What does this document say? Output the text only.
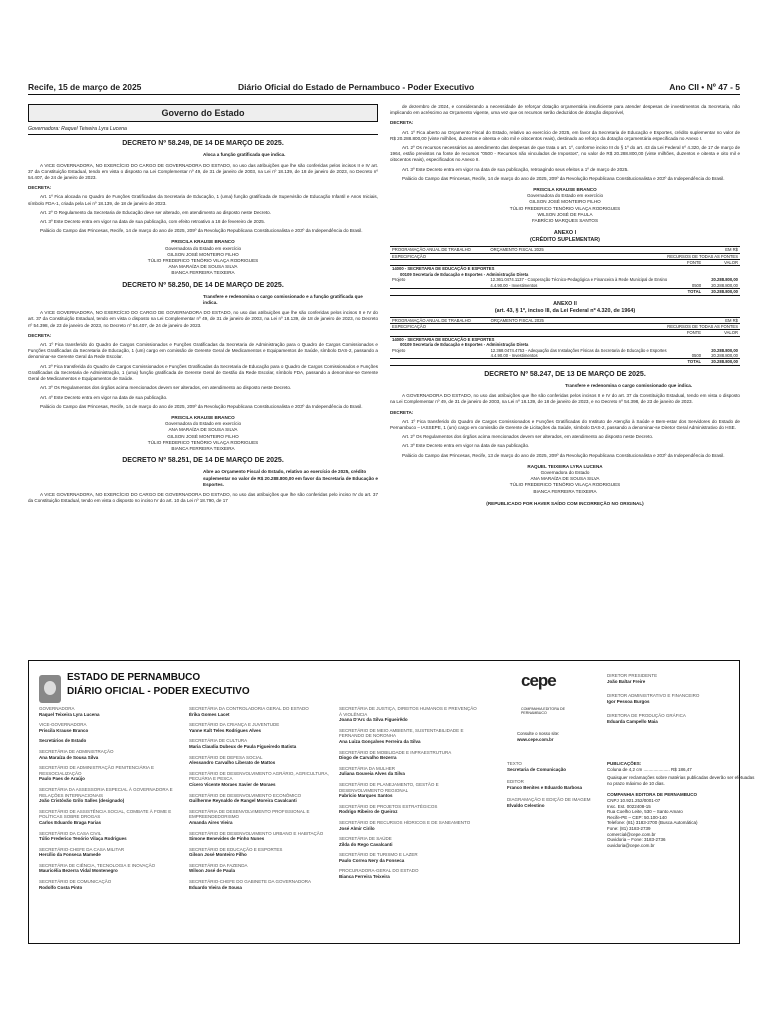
Recife, 15 de março de 2025	Diário Oficial do Estado de Pernambuco - Poder Executivo	Ano CII • Nº 47 - 5
Governo do Estado
Governadora: Raquel Teixeira Lyra Lucena
DECRETO Nº 58.249, DE 14 DE MARÇO DE 2025.
Aloca a função gratificada que indica.

A VICE GOVERNADORA, NO EXERCÍCIO DO CARGO DE GOVERNADORA DO ESTADO, no uso das atribuições que lhe são conferidas pelos incisos II e IV art. 37 da Constituição Estadual, tendo em vista o disposto na Lei Complementar nº 49, de 31 de janeiro de 2003, na Lei nº 18.139, de 18 de janeiro de 2023, no Decreto nº 54.407, de 24 de janeiro de 2023.

DECRETA:

Art. 1º Fica alocada no Quadro de Funções Gratificadas da Secretaria de Educação, 1 (uma) função gratificada de Supervisão de Educação Infantil e Anos Iniciais, símbolo FDA-1, criada pela Lei nº 18.139, de 18 de janeiro de 2023.

Art. 2º O Regulamento da Secretaria de Educação deve ser alterado, em atendimento ao disposto neste Decreto.

Art. 3º Este Decreto entra em vigor na data de sua publicação, com efeito retroativo a 18 de fevereiro de 2025.

Palácio do Campo das Princesas, Recife, 14 de março do ano de 2025, 209º da Revolução Republicana Constitucionalista e 203º da Independência do Brasil.

PRISCILA KRAUSE BRANCO
Governadora do Estado em exercício
GILSON JOSÉ MONTEIRO FILHO
TÚLIO FREDERICO TENÓRIO VILAÇA RODRIGUES
ANA MARAÍZA DE SOUSA SILVA
BIANCA FERREIRA TEIXEIRA
DECRETO Nº 58.250, DE 14 DE MARÇO DE 2025.
Transfere e redenomina o cargo comissionado e a função gratificada que indica.

A VICE GOVERNADORA, NO EXERCÍCIO DO CARGO DE GOVERNADORA DO ESTADO, no uso das atribuições que lhe são conferidas pelos incisos II e IV do art. 37 da Constituição Estadual, tendo em vista o disposto na Lei Complementar nº 49, de 31 de janeiro de 2003, na Lei nº 18.139, de 18 de janeiro de 2023, no Decreto nº 54.398, de 23 de janeiro de 2023, no Decreto nº 54.407, de 24 de janeiro de 2023.

DECRETA:

Art. 1º Fica transferido do Quadro de Cargos Comissionados e Funções Gratificadas da Secretaria de Administração para o Quadro de Cargos Comissionados e Funções Gratificadas da Secretaria de Educação, 1 (um) cargo em comissão de Gerente Geral de Medicamentos e Equipamentos de Saúde, símbolo DAS-2, passando a denominar-se Gerente Geral da Rede Escolar.

Art. 2º Fica transferida do Quadro de Cargos Comissionados e Funções Gratificadas da Secretaria de Educação para o Quadro de Cargos Comissionados e Funções Gratificadas da Secretaria de Administração, 1 (uma) função gratificada de Gerente Geral de Gestão da Rede Escolar, símbolo FDA, passando a denominar-se Gerente Geral de Medicamentos e Equipamentos de Saúde.

Art. 3º Os Regulamentos dos órgãos acima mencionados devem ser alterados, em atendimento ao disposto neste Decreto.

Art. 4º Este Decreto entra em vigor na data de sua publicação.

Palácio do Campo das Princesas, Recife, 14 de março do ano de 2025, 209º da Revolução Republicana Constitucionalista e 203º da Independência do Brasil.

PRISCILA KRAUSE BRANCO
Governadora do Estado em exercício
ANA MARAÍZA DE SOUSA SILVA
GILSON JOSÉ MONTEIRO FILHO
TÚLIO FREDERICO TENÓRIO VILAÇA RODRIGUES
BIANCA FERREIRA TEIXEIRA
DECRETO Nº 58.251, DE 14 DE MARÇO DE 2025.
Abre ao Orçamento Fiscal do Estado, relativo ao exercício de 2025, crédito suplementar no valor de R$ 20.288.800,00 em favor da Secretaria de Educação e Esportes.

A VICE GOVERNADORA, NO EXERCÍCIO DO CARGO DE GOVERNADORA DO ESTADO, no uso das atribuições que lhe são conferidas pelo inciso IV do art. 37 da Constituição Estadual, tendo em vista o disposto no inciso IV do art. 10 da Lei nº 18.790, de 17

de dezembro de 2024, e considerando a necessidade de reforçar dotação orçamentária insuficiente para atender despesas de investimentos da Secretaria, não implicando em acréscimo ao Orçamento vigente, uma vez que os recursos serão deduzidos de dotação disponível,

DECRETA:

Art. 1º Fica aberto ao Orçamento Fiscal do Estado, relativo ao exercício de 2025, em favor da Secretaria de Educação e Esportes, crédito suplementar no valor de R$ 20.288.800,00 (vinte milhões, duzentos e oitenta e oito mil e oitocentos reais), destinado ao reforço da dotação orçamentária especificada no Anexo I.

Art. 2º Os recursos necessários ao atendimento das despesas de que trata o art. 1º, conforme inciso III do § 1º do art. 43 da Lei Federal nº 4.320, de 17 de março de 1964, estão previstos na fonte de recursos "0500 - Recursos não vinculados de Impostos", no valor de R$ 20.288.800,00 (vinte milhões, duzentos e oitenta e oito mil e oitocentos reais), especificados no Anexo II.

Art. 3º Este Decreto entra em vigor na data de sua publicação, retroagindo seus efeitos a 1º de março de 2025.

Palácio do Campo das Princesas, Recife, 14 de março do ano de 2025, 209º da Revolução Republicana Constitucionalista e 203º da Independência do Brasil.

PRISCILA KRAUSE BRANCO
Governadora do Estado em exercício
GILSON JOSÉ MONTEIRO FILHO
TÚLIO FREDERICO TENÓRIO VILAÇA RODRIGUES
WILSON JOSÉ DE PAULA
FABRÍCIO MARQUES SANTOS
ANEXO I
(CRÉDITO SUPLEMENTAR)
PROGRAMAÇÃO ANUAL DE TRABALHO	ORÇAMENTO FISCAL 2025		EM R$
ESPECIFICAÇÃO		RECURSOS DE TODAS AS FONTES	
		FONTE	VALOR
14000 - SECRETARIA DE EDUCAÇÃO E ESPORTES			
00109 Secretaria de Educação e Esportes - Administração Direta			
Projeto	12.361.0474.1137 - Cooperação Técnico-Pedagógica e Financeira à Rede Municipal de Ensino		20.288.800,00
	4.4.90.00 - Investimentos	0500	20.288.800,00
		TOTAL	20.288.800,00
ANEXO II
(art. 43, § 1º, inciso III, da Lei Federal nº 4.320, de 1964)
PROGRAMAÇÃO ANUAL DE TRABALHO	ORÇAMENTO FISCAL 2025		EM R$
ESPECIFICAÇÃO		RECURSOS DE TODAS AS FONTES	
		FONTE	VALOR
14000 - SECRETARIA DE EDUCAÇÃO E ESPORTES			
00109 Secretaria de Educação e Esportes - Administração Direta			
Projeto	12.368.0474.4753 - Adequação das Instalações Físicas da Secretaria de Educação e Esportes		20.288.800,00
	4.4.90.00 - Investimentos	0500	20.288.800,00
		TOTAL	20.288.800,00
DECRETO Nº 58.247, DE 13 DE MARÇO DE 2025.
Transfere e redenomina o cargo comissionado que indica.

A GOVERNADORA DO ESTADO, no uso das atribuições que lhe são conferidas pelos incisos II e IV do art. 37 da Constituição Estadual, tendo em vista o disposto na Lei Complementar nº 49, de 31 de janeiro de 2003, na Lei nº 18.139, de 18 de janeiro de 2023, e no Decreto nº 54.398, de 23 de janeiro de 2023.

DECRETA:

Art. 1º Fica transferido do Quadro de Cargos Comissionados e Funções Gratificadas do Instituto de Atenção à Saúde e Bem-estar dos Servidores do Estado de Pernambuco – IASSEPE, 1 (um) cargo em comissão de Gerente de Licitações da Saúde, símbolo DAS-2, passando a denominar-se Diretor Geral Administrativo do HSE.

Art. 2º Os Regulamentos dos órgãos acima mencionados devem ser alterados, em atendimento ao disposto neste Decreto.

Art. 3º Este Decreto entra em vigor na data de sua publicação.

Palácio do Campo das Princesas, Recife, 13 de março do ano de 2025, 209º da Revolução Republicana Constitucionalista e 203º da Independência do Brasil.

RAQUEL TEIXEIRA LYRA LUCENA
Governadora do Estado
ANA MARAÍZA DE SOUSA SILVA
TÚLIO FREDERICO TENÓRIO VILAÇA RODRIGUES
BIANCA FERREIRA TEIXEIRA
(REPUBLICADO POR HAVER SAÍDO COM INCORREÇÃO NO ORIGINAL)
ESTADO DE PERNAMBUCO
DIÁRIO OFICIAL - PODER EXECUTIVO
GOVERNADORA
Raquel Teixeira Lyra Lucena
VICE-GOVERNADORA
Priscila Krause Branco
Secretários de Estado
SECRETÁRIA DE ADMINISTRAÇÃO
Ana Maraíza de Sousa Silva
SECRETÁRIO DE ADMINISTRAÇÃO PENITENCIÁRIA E RESSOCIALIZAÇÃO
Paulo Paes de Araújo
SECRETÁRIA DA ASSESSORIA ESPECIAL À GOVERNADORA E RELAÇÕES INTERNACIONAIS
João Cristóvão Grilo Salles (designado)
SECRETÁRIO DE ASSISTÊNCIA SOCIAL, COMBATE À FOME E POLÍTICAS SOBRE DROGAS
Carlos Eduardo Braga Farias
SECRETÁRIO DA CASA CIVIL
Túlio Frederico Tenório Vilaça Rodrigues
SECRETÁRIO-CHEFE DA CASA MILITAR
Hercílio da Fonseca Mamede
SECRETÁRIA DE CIÊNCIA, TECNOLOGIA E INOVAÇÃO
Mauricélia Bezerra Vidal Montenegro
SECRETÁRIO DE COMUNICAÇÃO
Rodolfo Costa Pinto
SECRETÁRIA DA CONTROLADORIA GERAL DO ESTADO
Érika Gomes Lacet
SECRETÁRIO DA CRIANÇA E JUVENTUDE
Yanne Kalt Teles Rodrigues Alves
SECRETÁRIA DE CULTURA
Maria Claudia Dubeux de Paula Figueiredo Batista
SECRETÁRIO DE DEFESA SOCIAL
Alessandro Carvalho Liberato de Mattos
SECRETÁRIO DE DESENVOLVIMENTO AGRÁRIO, AGRICULTURA, PECUÁRIA E PESCA
Cícero Vicente Moraes Xavier de Moraes
SECRETÁRIO DE DESENVOLVIMENTO ECONÔMICO
Guilherme Reynaldo de Rangel Moreira Cavalcanti
SECRETÁRIA DE DESENVOLVIMENTO PROFISSIONAL E EMPREENDEDORISMO
Amanda Aires Vieira
SECRETÁRIO DE DESENVOLVIMENTO URBANO E HABITAÇÃO
Simone Benevides de Pinho Nunes
SECRETÁRIO DE EDUCAÇÃO E ESPORTES
Gilson José Monteiro Filho
SECRETÁRIO DA FAZENDA
Wilson José de Paula
SECRETÁRIO-CHEFE DO GABINETE DA GOVERNADORA
Eduardo Vieira de Sousa
SECRETÁRIA DE JUSTIÇA, DIREITOS HUMANOS E PREVENÇÃO À VIOLÊNCIA
Joana D'Arc da Silva Figueirêdo
SECRETÁRIO DE MEIO AMBIENTE, SUSTENTABILIDADE E FERNANDO DE NORONHA
Ana Luiza Gonçalves Ferreira da Silva
SECRETÁRIO DE MOBILIDADE E INFRAESTRUTURA
Diogo de Carvalho Bezerra
SECRETÁRIA DA MULHER
Juliana Gouveia Alves da Silva
SECRETÁRIO DE PLANEJAMENTO, GESTÃO E DESENVOLVIMENTO REGIONAL
Fabrício Marques Santos
SECRETÁRIO DE PROJETOS ESTRATÉGICOS
Rodrigo Ribeiro de Queiroz
SECRETÁRIO DE RECURSOS HÍDRICOS E DE SANEAMENTO
José Almir Cirilo
SECRETÁRIA DE SAÚDE
Zilda do Rego Cavalcanti
SECRETÁRIO DE TURISMO E LAZER
Paulo Correa Nery da Fonseca
PROCURADORA-GERAL DO ESTADO
Bianca Ferreira Teixeira
cepe
COMPANHIA EDITORA DE PERNAMBUCO
Consulte o nosso site:
www.cepe.com.br
DIRETOR PRESIDENTE
João Baltar Freire
DIRETOR ADMINISTRATIVO E FINANCEIRO
Igor Pessoa Burgos
DIRETORA DE PRODUÇÃO GRÁFICA
Eduarda Campello Maia
TEXTO
Secretaria de Comunicação
EDITOR
Franco Benites e Eduardo Barbosa
DIAGRAMAÇÃO E EDIÇÃO DE IMAGEM
Elvaldo Celestino
PUBLICAÇÕES:
Coluna de 4,2 cm ..................... R$ 186,47
Quaisquer reclamações sobre matérias publicadas deverão ser efetuadas no prazo máximo de 10 dias.
COMPANHIA EDITORA DE PERNAMBUCO
CNPJ 10.921.252/0001-07
Insc. Est. 0022408-15
Rua Coelho Leite, 530 – Santo Amaro
Recife-PE – CEP: 50.100-140
Telefone: (81) 3183-2700 (Busca Automática)
Fone: (81) 3183-2739
comercial@cepe.com.br
Ouvidoria – Fone: 3183-2736
ouvidoria@cepe.com.br
